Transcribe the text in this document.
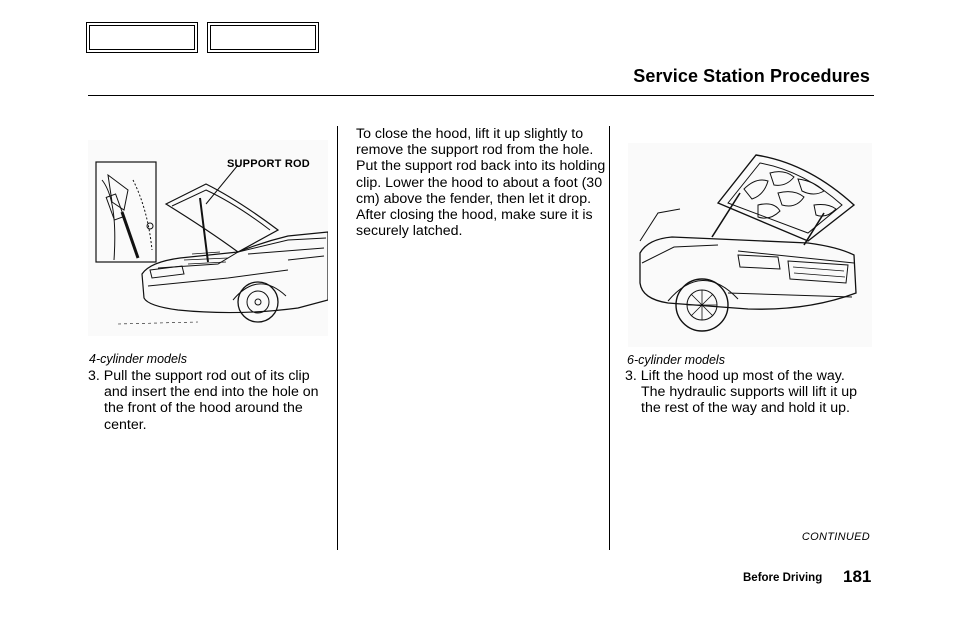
Service Station Procedures
SUPPORT ROD
4-cylinder models
3. Pull the support rod out of its clip and insert the end into the hole on the front of the hood around the center.

To close the hood, lift it up slightly to remove the support rod from the hole. Put the support rod back into its holding clip. Lower the hood to about a foot (30 cm) above the fender, then let it drop.

After closing the hood, make sure it is securely latched.

6-cylinder models
3. Lift the hood up most of the way. The hydraulic supports will lift it up the rest of the way and hold it up.
CONTINUED
Before Driving 181
